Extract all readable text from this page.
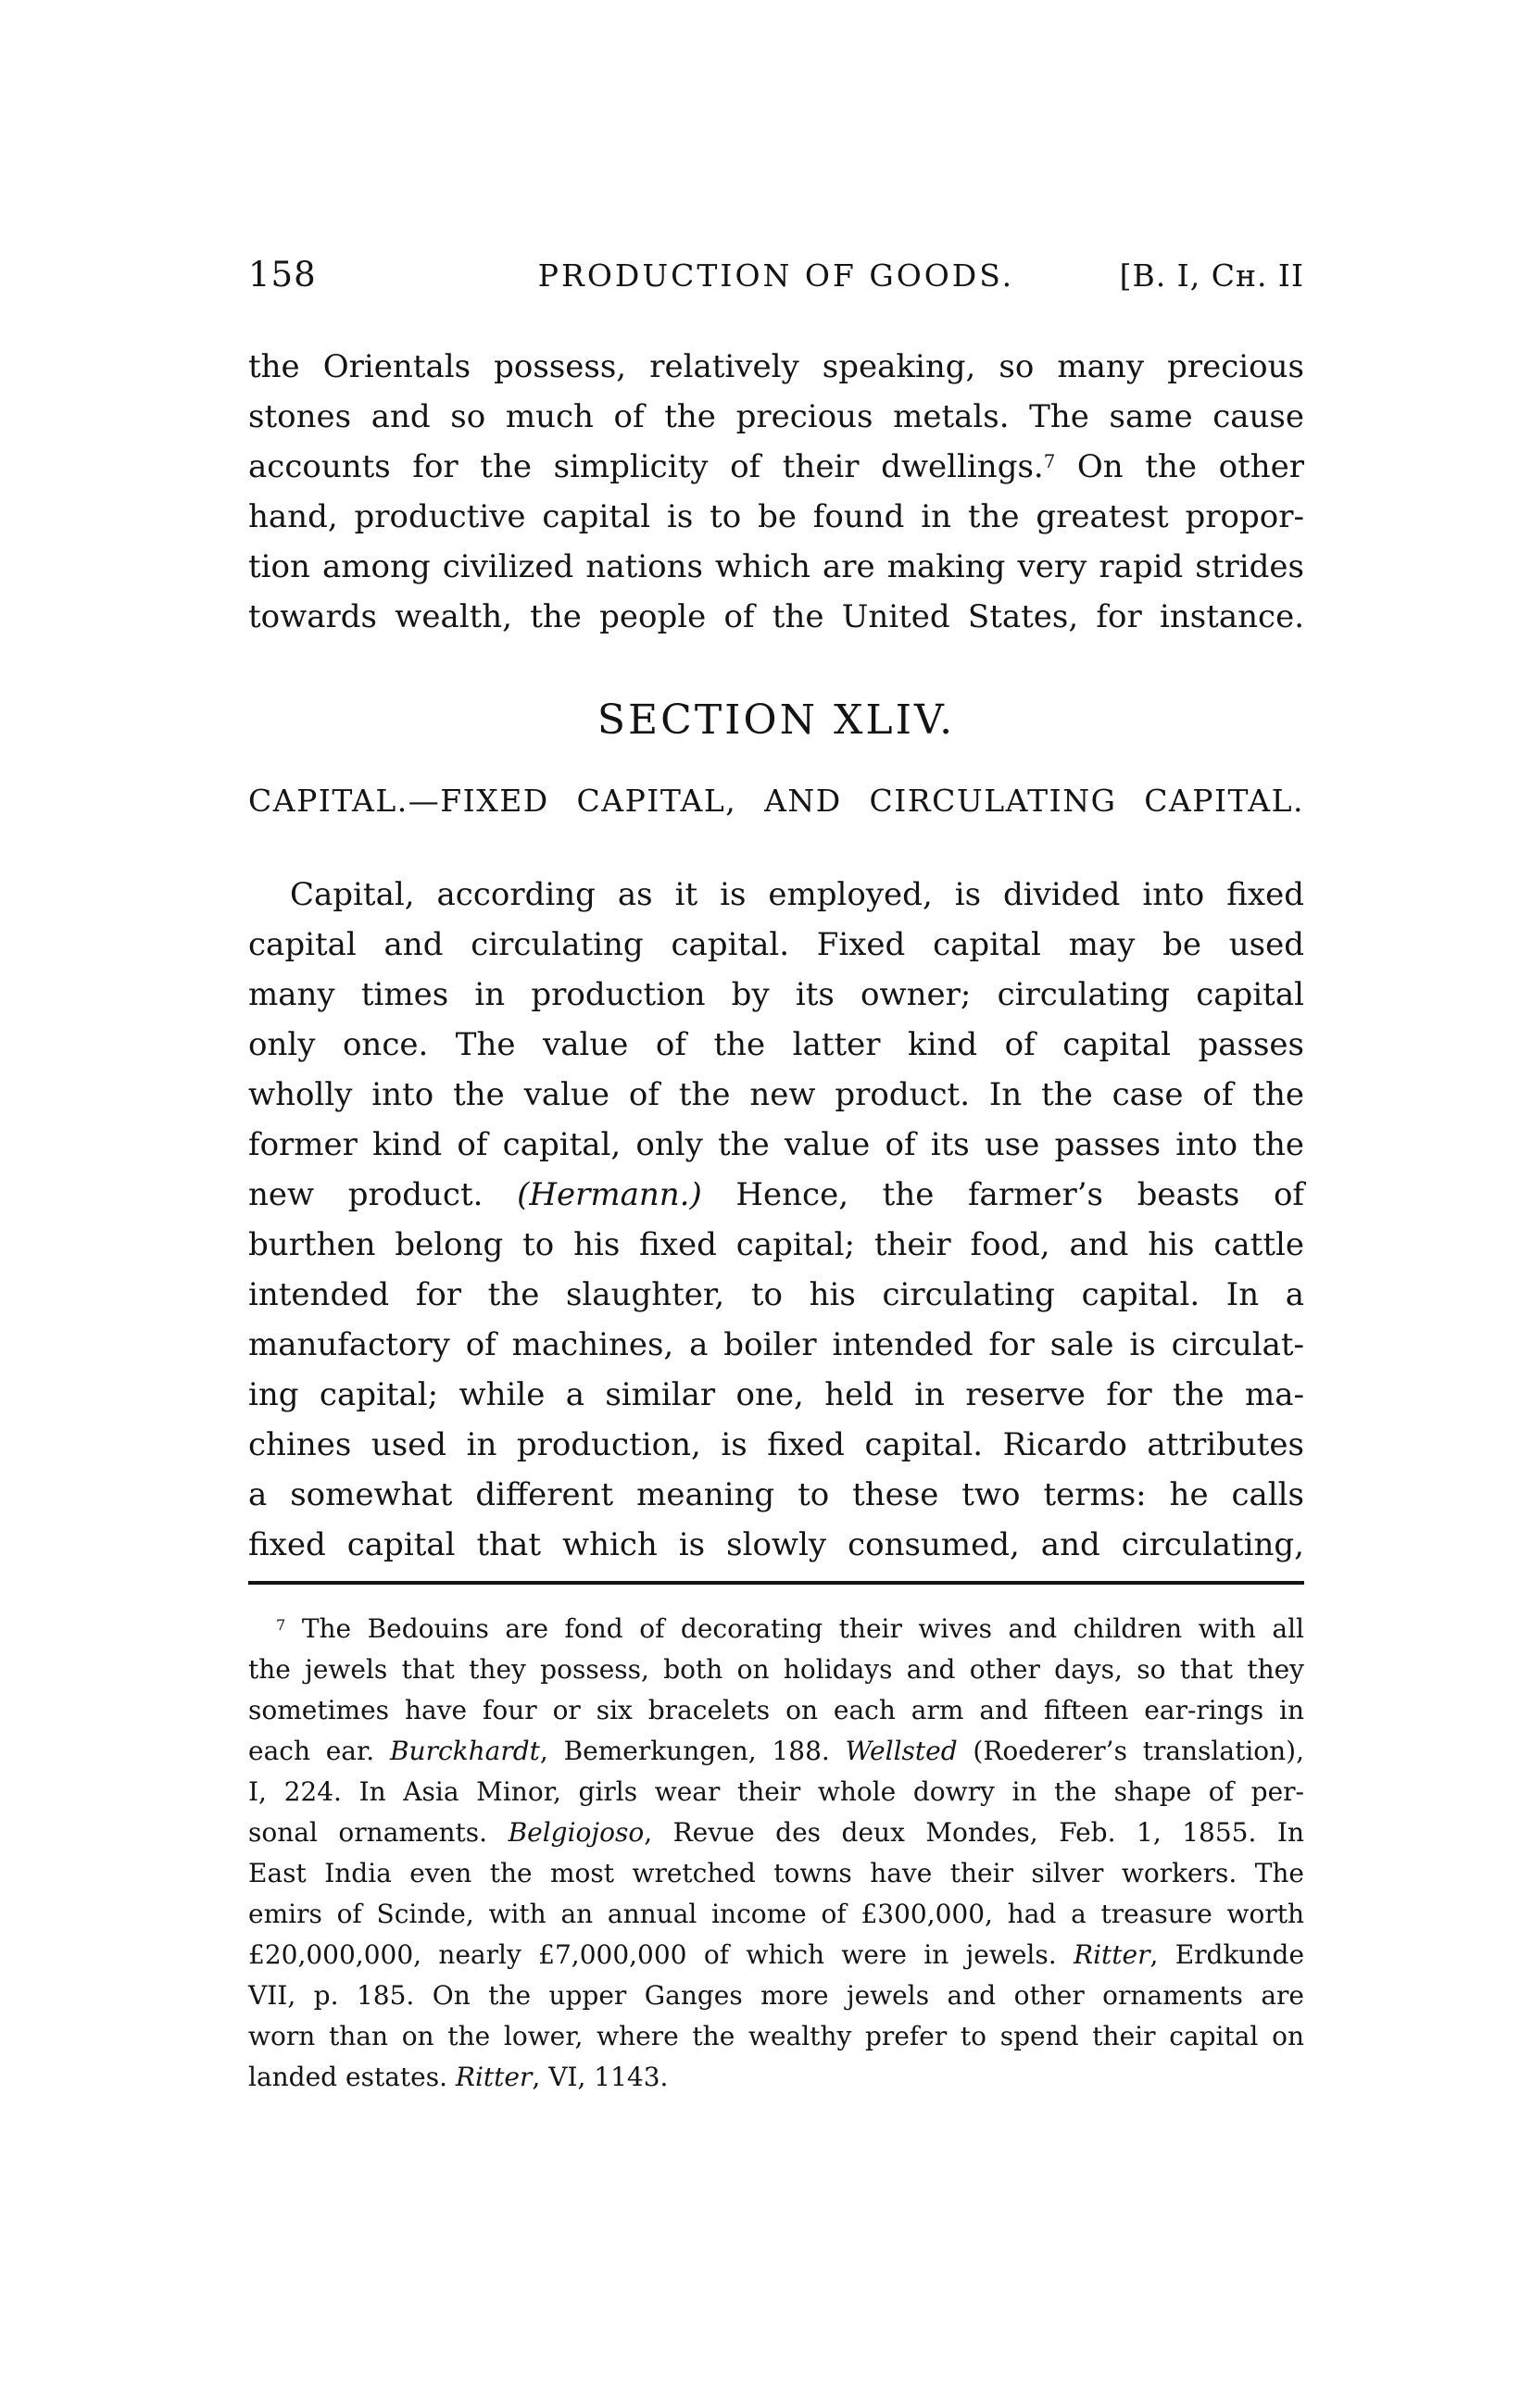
158	PRODUCTION OF GOODS.	[B. I, Cʜ. II
the Orientals possess, relatively speaking, so many precious
stones and so much of the precious metals. The same cause
accounts for the simplicity of their dwellings.$^7$ On the other
hand, productive capital is to be found in the greatest propor-
tion among civilized nations which are making very rapid strides
towards wealth, the people of the United States, for instance.
SECTION XLIV.
CAPITAL.—FIXED CAPITAL, AND CIRCULATING CAPITAL.
Capital, according as it is employed, is divided into fixed
capital and circulating capital. Fixed capital may be used
many times in production by its owner; circulating capital
only once. The value of the latter kind of capital passes
wholly into the value of the new product. In the case of the
former kind of capital, only the value of its use passes into the
new product. (Hermann.) Hence, the farmer’s beasts of
burthen belong to his fixed capital; their food, and his cattle
intended for the slaughter, to his circulating capital. In a
manufactory of machines, a boiler intended for sale is circulat-
ing capital; while a similar one, held in reserve for the ma-
chines used in production, is fixed capital. Ricardo attributes
a somewhat different meaning to these two terms: he calls
fixed capital that which is slowly consumed, and circulating,
$^7$ The Bedouins are fond of decorating their wives and children with all
the jewels that they possess, both on holidays and other days, so that they
sometimes have four or six bracelets on each arm and fifteen ear-rings in
each ear. Burckhardt, Bemerkungen, 188. Wellsted (Roederer’s translation),
I, 224. In Asia Minor, girls wear their whole dowry in the shape of per-
sonal ornaments. Belgiojoso, Revue des deux Mondes, Feb. 1, 1855. In
East India even the most wretched towns have their silver workers. The
emirs of Scinde, with an annual income of £300,000, had a treasure worth
£20,000,000, nearly £7,000,000 of which were in jewels. Ritter, Erdkunde
VII, p. 185. On the upper Ganges more jewels and other ornaments are
worn than on the lower, where the wealthy prefer to spend their capital on
landed estates. Ritter, VI, 1143.
